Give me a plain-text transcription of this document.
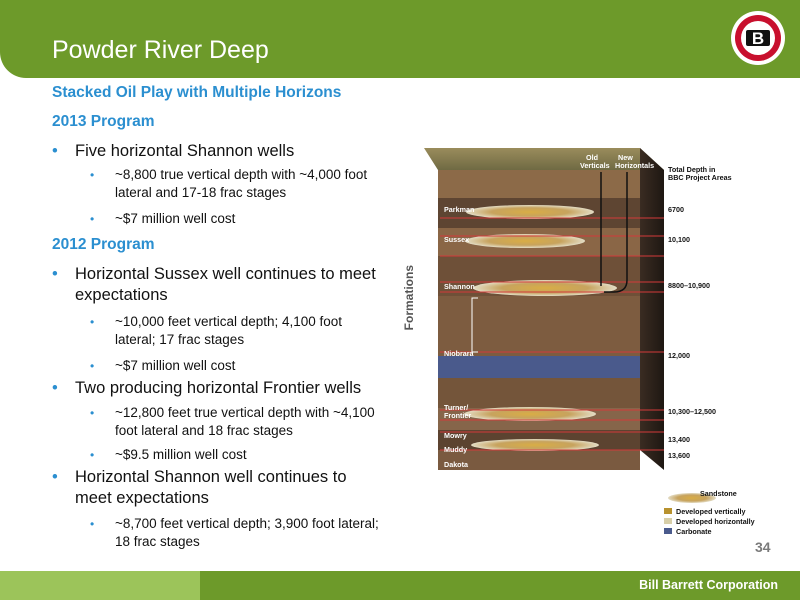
Powder River Deep	B
Stacked Oil Play with Multiple Horizons
2013 Program
• Five horizontal Shannon wells
• ~8,800 true vertical depth with ~4,000 foot lateral and 17-18 frac stages
• ~$7 million well cost
2012 Program
• Horizontal Sussex well continues to meet expectations
• ~10,000 feet vertical depth; 4,100 foot lateral; 17 frac stages
• ~$7 million well cost
• Two producing horizontal Frontier wells
• ~12,800 feet true vertical depth with ~4,100 foot lateral and 18 frac stages
• ~$9.5 million well cost
• Horizontal Shannon well continues to meet expectations
• ~8,700 feet vertical depth; 3,900 foot lateral; 18 frac stages
Formations
Old Verticals
New Horizontals Total Depth in BBC Project Areas
Parkman
Sussex
Shannon
Niobrara
Turner/ Frontier
Mowry
Muddy
Dakota
6700
10,100
8800–10,900
12,000
10,300–12,500
13,400
13,600
Sandstone
Developed vertically
Developed horizontally
Carbonate
34
Bill Barrett Corporation
